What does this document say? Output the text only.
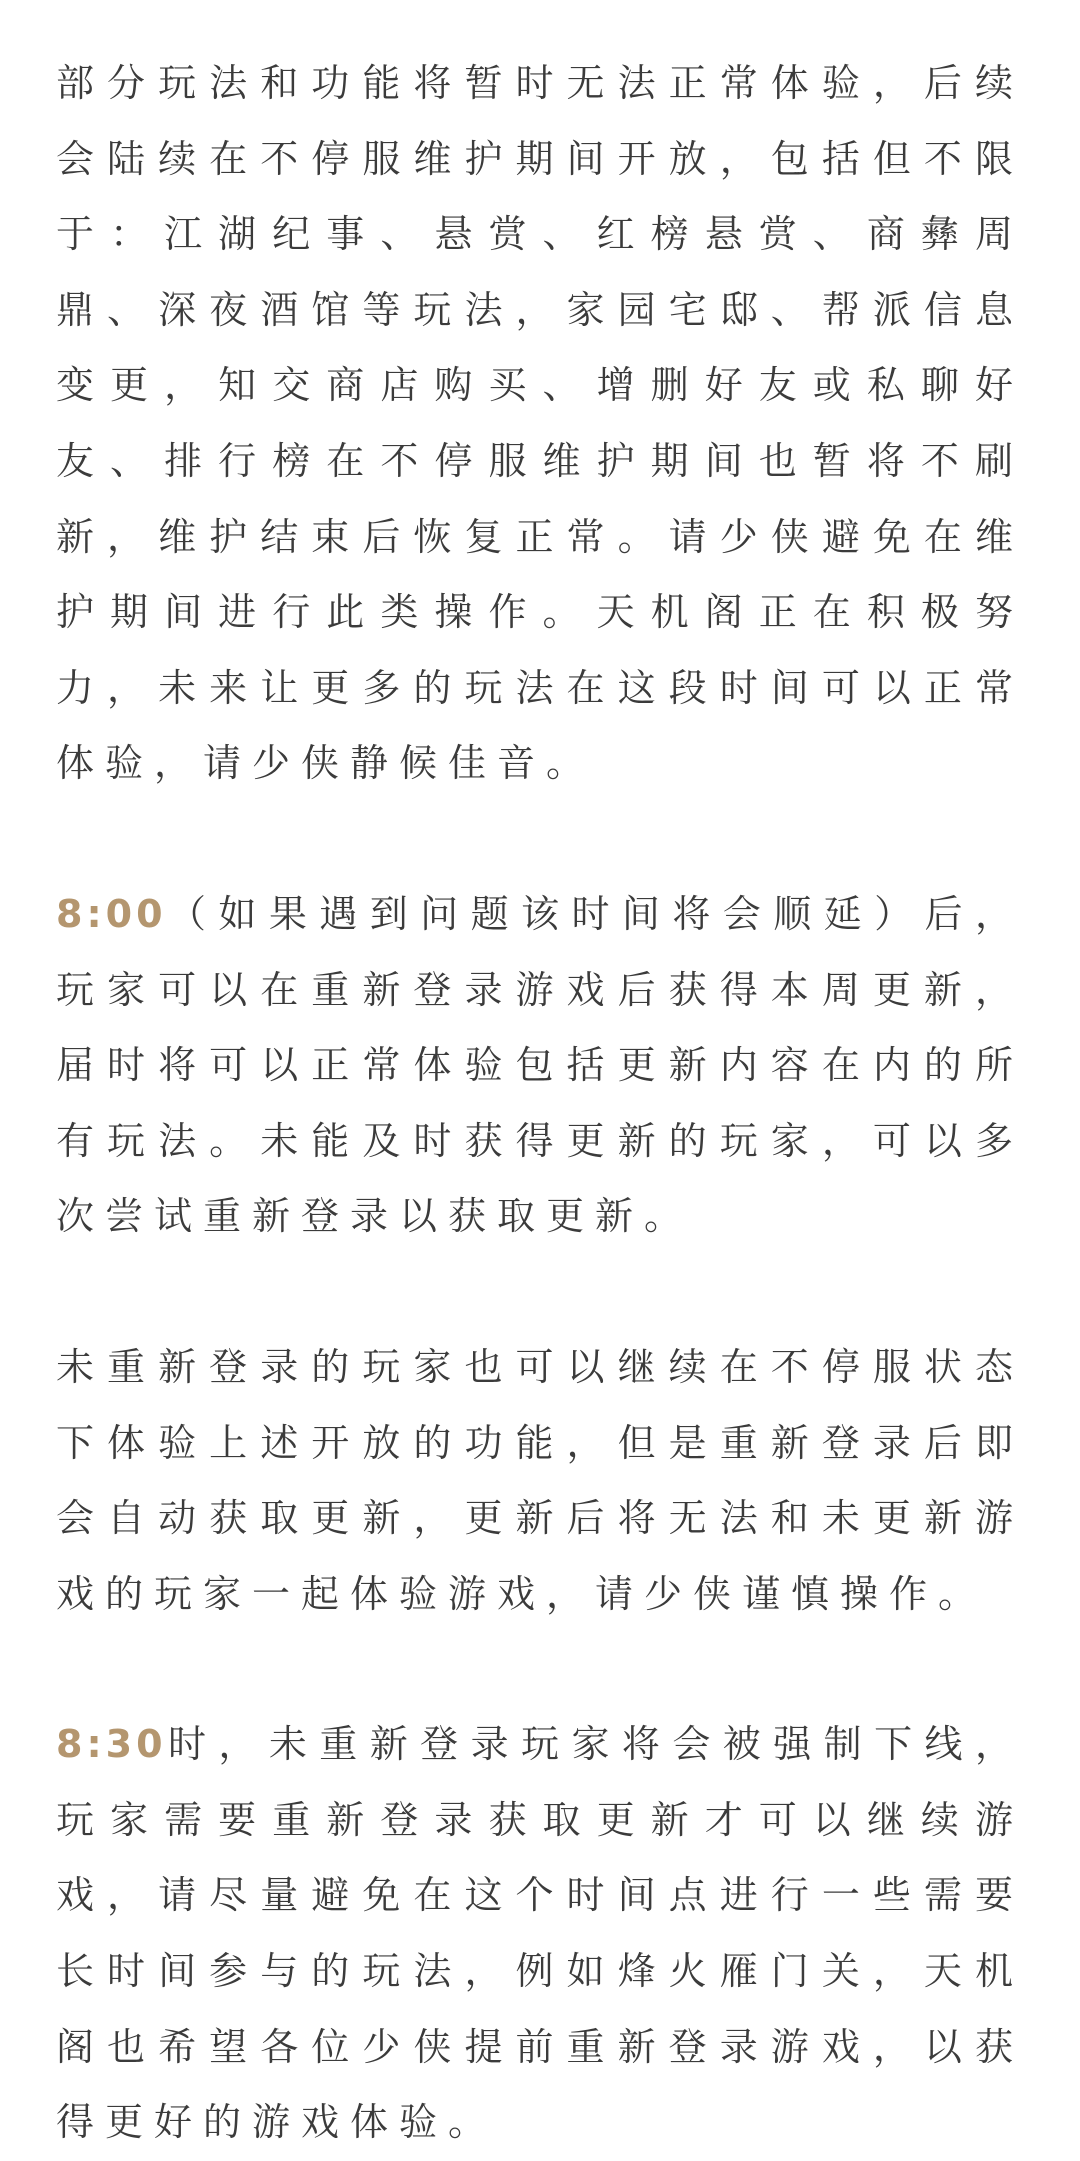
部分玩法和功能将暂时无法正常体验，后续会陆续在不停服维护期间开放，包括但不限于：江湖纪事、悬赏、红榜悬赏、商彝周鼎、深夜酒馆等玩法，家园宅邸、帮派信息变更，知交商店购买、增删好友或私聊好友、排行榜在不停服维护期间也暂将不刷新，维护结束后恢复正常。请少侠避免在维护期间进行此类操作。天机阁正在积极努力，未来让更多的玩法在这段时间可以正常体验，请少侠静候佳音。

8:00（如果遇到问题该时间将会顺延）后，玩家可以在重新登录游戏后获得本周更新，届时将可以正常体验包括更新内容在内的所有玩法。未能及时获得更新的玩家，可以多次尝试重新登录以获取更新。

未重新登录的玩家也可以继续在不停服状态下体验上述开放的功能，但是重新登录后即会自动获取更新，更新后将无法和未更新游戏的玩家一起体验游戏，请少侠谨慎操作。

8:30时，未重新登录玩家将会被强制下线，玩家需要重新登录获取更新才可以继续游戏，请尽量避免在这个时间点进行一些需要长时间参与的玩法，例如烽火雁门关，天机阁也希望各位少侠提前重新登录游戏，以获得更好的游戏体验。
